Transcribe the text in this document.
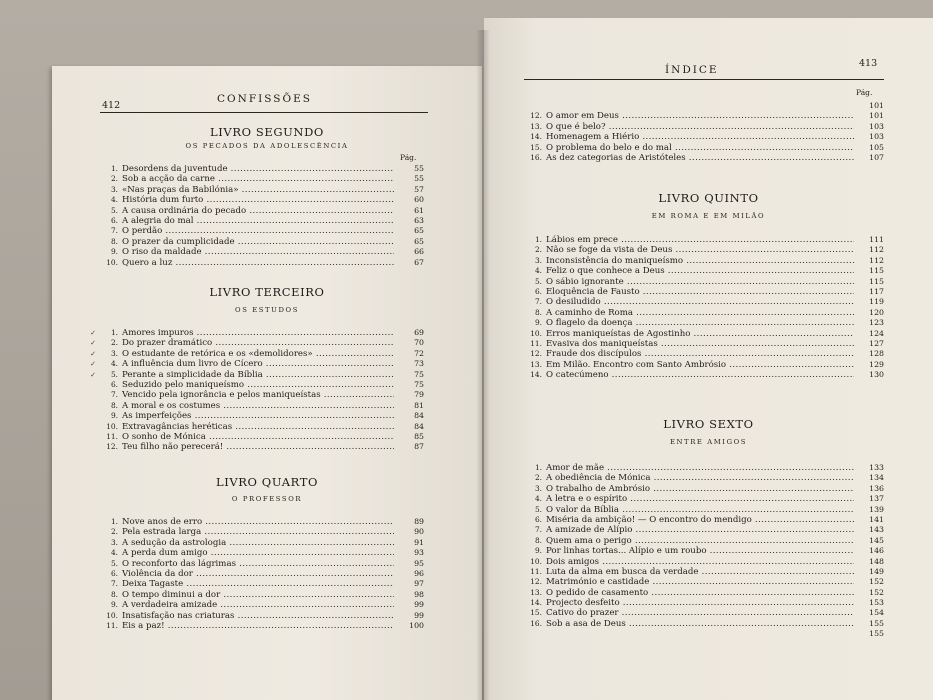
412
CONFISSÕES
LIVRO SEGUNDO
OS PECADOS DA ADOLESCÊNCIA
Pág.
1. Desordens da juventude .....	55
2. Sob a acção da carne .....	55
3. «Nas praças da Babilónia» .....	57
4. História dum furto .....	60
5. A causa ordinária do pecado .....	61
6. A alegria do mal .....	63
7. O perdão .....	65
8. O prazer da cumplicidade .....	65
9. O riso da maldade .....	66
10. Quero a luz .....	67
LIVRO TERCEIRO
OS ESTUDOS
✓	1. Amores impuros .....	69
✓	2. Do prazer dramático .....	70
✓	3. O estudante de retórica e os «demolidores» .....	72
✓	4. A influência dum livro de Cícero .....	73
✓	5. Perante a simplicidade da Bíblia .....	75
6. Seduzido pelo maniqueísmo .....	75
7. Vencido pela ignorância e pelos maniqueístas .....	79
8. A moral e os costumes .....	81
9. As imperfeições .....	84
10. Extravagâncias heréticas .....	84
11. O sonho de Mónica .....	85
12. Teu filho não perecerá! .....	87
LIVRO QUARTO
O PROFESSOR
1. Nove anos de erro .....	89
2. Pela estrada larga .....	90
3. A sedução da astrologia .....	91
4. A perda dum amigo .....	93
5. O reconforto das lágrimas .....	95
6. Violência da dor .....	96
7. Deixa Tagaste .....	97
8. O tempo diminui a dor .....	98
9. A verdadeira amizade .....	99
10. Insatisfação nas criaturas .....	99
11. Eis a paz! .....	100
ÍNDICE
413
Pág.
101
12. O amor em Deus .....	101
13. O que é belo? .....	103
14. Homenagem a Hiério .....	103
15. O problema do belo e do mal .....	105
16. As dez categorias de Aristóteles .....	107
LIVRO QUINTO
EM ROMA E EM MILÃO
1. Lábios em prece .....	111
2. Não se foge da vista de Deus .....	112
3. Inconsistência do maniqueísmo .....	112
4. Feliz o que conhece a Deus .....	115
5. O sábio ignorante .....	115
6. Eloquência de Fausto .....	117
7. O desiludido .....	119
8. A caminho de Roma .....	120
9. O flagelo da doença .....	123
10. Erros maniqueístas de Agostinho .....	124
11. Evasiva dos maniqueístas .....	127
12. Fraude dos discípulos .....	128
13. Em Milão. Encontro com Santo Ambrósio .....	129
14. O catecúmeno .....	130
LIVRO SEXTO
ENTRE AMIGOS
1. Amor de mãe .....	133
2. A obediência de Mónica .....	134
3. O trabalho de Ambrósio .....	136
4. A letra e o espírito .....	137
5. O valor da Bíblia .....	139
6. Miséria da ambição! — O encontro do mendigo .....	141
7. A amizade de Alípio .....	143
8. Quem ama o perigo .....	145
9. Por linhas tortas... Alípio e um roubo .....	146
10. Dois amigos .....	148
11. Luta da alma em busca da verdade .....	149
12. Matrimónio e castidade .....	152
13. O pedido de casamento .....	152
14. Projecto desfeito .....	153
15. Cativo do prazer .....	154
16. Sob a asa de Deus .....	155
155
